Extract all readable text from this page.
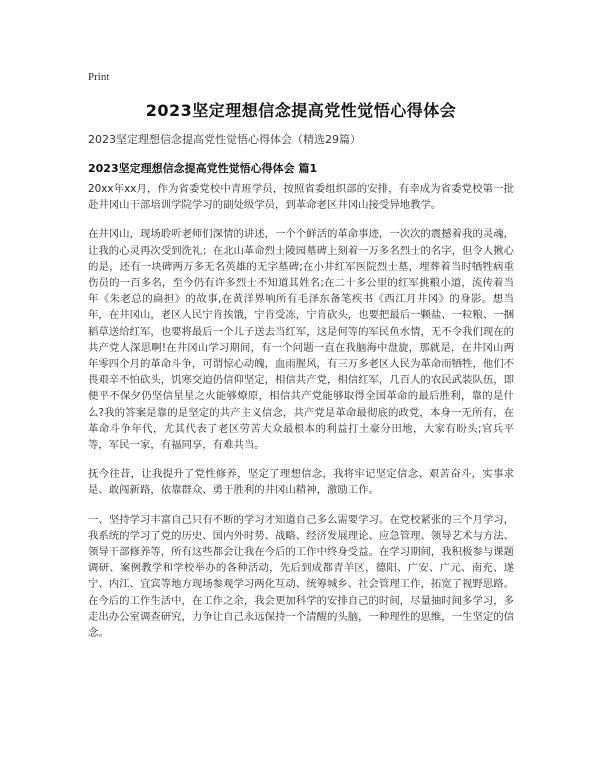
Print
2023坚定理想信念提高党性觉悟心得体会
2023坚定理想信念提高党性觉悟心得体会（精选29篇）
2023坚定理想信念提高党性觉悟心得体会 篇1

20xx年xx月，作为省委党校中青班学员，按照省委组织部的安排，有幸成为省委党校第一批赴井冈山干部培训学院学习的副处级学员，到革命老区井冈山接受异地教学。

在井冈山，现场聆听老师们深情的讲述，一个个鲜活的革命事迹，一次次的震撼着我的灵魂，让我的心灵再次受到洗礼；在北山革命烈士陵园墓碑上刻着一万多名烈士的名字，但令人揪心的是，还有一块碑两万多无名英雄的无字墓碑;在小井红军医院烈士墓，埋葬着当时牺牲病重伤员的一百多名，至今仍有许多烈士不知道其姓名;在二十多公里的红军挑粮小道，流传着当年《朱老总的扁担》的故事,在黄洋界响所有毛泽东备笔疾书《西江月井冈》的身影。想当年，在井冈山，老区人民宁肯挨饿，宁肯受冻，宁肯砍头，也要把最后一颗盐、一粒粮、一捆稻草送给红军，也要将最后一个儿子送去当红军，这是何等的军民鱼水情，无不令我们现在的共产党人深思啊!在井冈山学习期间，有一个问题一直在我脑海中盘旋，那就是，在井冈山两年零四个月的革命斗争，可谓惊心动魄，血雨腥风，有三万多老区人民为革命而牺牲，他们不畏艰辛不怕砍头，饥寒交迫仍信仰坚定，相信共产党，相信红军，几百人的农民武装队伍，即便平不保夕仍坚信星星之火能够燎原，相信共产党能够取得全国革命的最后胜利，靠的是什么?我的答案是靠的是坚定的共产主义信念，共产党是革命最彻底的政党，本身一无所有，在革命斗争年代，尤其代表了老区劳苦大众最根本的利益打土豪分田地，大家有盼头;官兵平等，军民一家，有福同享，有难共当。

抚今往昔，让我提升了党性修养，坚定了理想信念，我将牢记坚定信念、艰苦奋斗，实事求是、敢闯新路，依靠群众、勇于胜利的井冈山精神，激励工作。

一、坚持学习丰富自己只有不断的学习才知道自己多么需要学习。在党校紧张的三个月学习，我系统的学习了党的历史、国内外时势、战略、经济发展理论、应急管理、领导艺术与方法、领导干部修养等，所有这些都会让我在今后的工作中终身受益。在学习期间，我积极参与课题调研、案例教学和学校举办的各种活动，先后到成都青羊区，德阳、广安、广元、南充、遂宁、内江、宜宾等地方现场参观学习两化互动、统筹城乡、社会管理工作，拓宽了视野思路。在今后的工作生活中，在工作之余，我会更加科学的安排自己的时间，尽量抽时间多学习，多走出办公室调查研究，力争让自己永远保持一个清醒的头脑，一种理性的思维，一生坚定的信念。
